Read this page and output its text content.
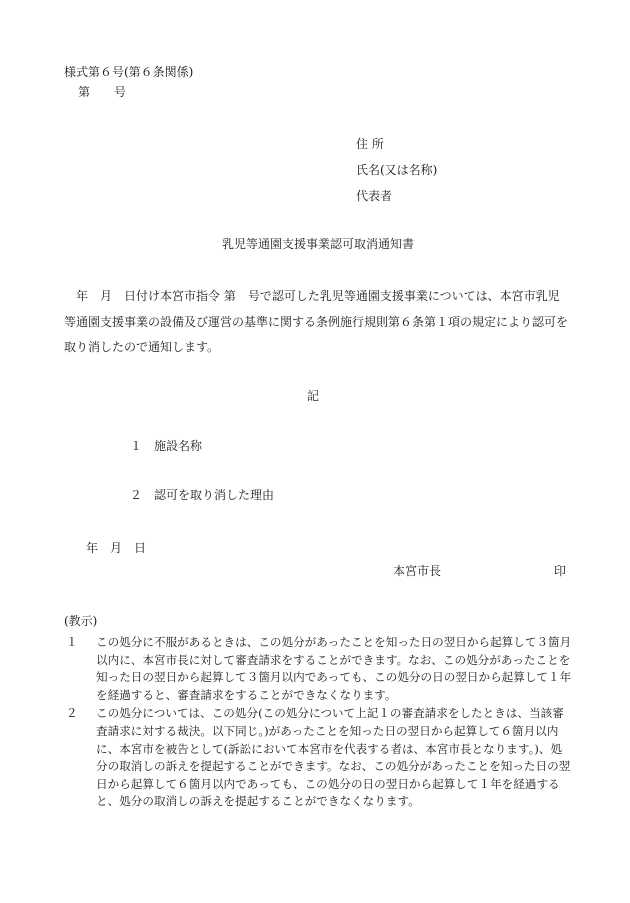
様式第６号(第６条関係)
第　　号
住 所
氏名(又は名称)
代表者
乳児等通園支援事業認可取消通知書
年　月　日付け本宮市指令 第　号で認可した乳児等通園支援事業については、本宮市乳児等通園支援事業の設備及び運営の基準に関する条例施行規則第６条第１項の規定により認可を取り消したので通知します。
記
１　 施設名称
２　 認可を取り消した理由
年　月　日
本宮市長	印
(教示)
１	この処分に不服があるときは、この処分があったことを知った日の翌日から起算して３箇月以内に、本宮市長に対して審査請求をすることができます。なお、この処分があったことを知った日の翌日から起算して３箇月以内であっても、この処分の日の翌日から起算して１年を経過すると、審査請求をすることができなくなります。
２	この処分については、この処分(この処分について上記１の審査請求をしたときは、当該審査請求に対する裁決。以下同じ。)があったことを知った日の翌日から起算して６箇月以内に、本宮市を被告として(訴訟において本宮市を代表する者は、本宮市長となります。)、処分の取消しの訴えを提起することができます。なお、この処分があったことを知った日の翌日から起算して６箇月以内であっても、この処分の日の翌日から起算して１年を経過すると、処分の取消しの訴えを提起することができなくなります。
